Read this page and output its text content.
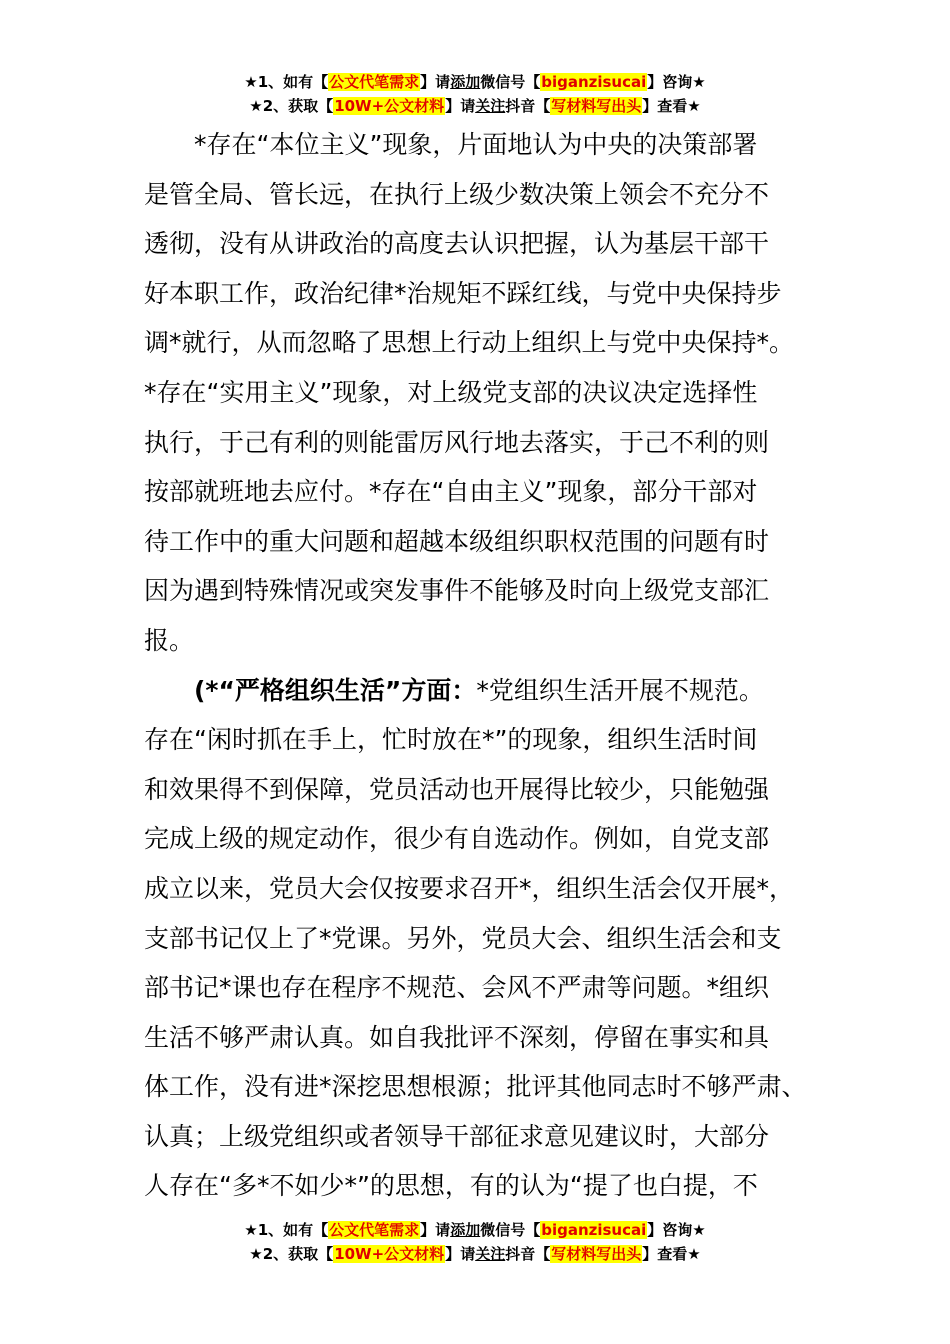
★1、如有【公文代笔需求】请添加微信号【biganzisucai】咨询★
★2、获取【10W+公文材料】请关注抖音【写材料写出头】查看★
　　*存在“本位主义”现象，片面地认为中央的决策部署
是管全局、管长远，在执行上级少数决策上领会不充分不
透彻，没有从讲政治的高度去认识把握，认为基层干部干
好本职工作，政治纪律*治规矩不踩红线，与党中央保持步
调*就行，从而忽略了思想上行动上组织上与党中央保持*。
*存在“实用主义”现象，对上级党支部的决议决定选择性
执行，于己有利的则能雷厉风行地去落实，于己不利的则
按部就班地去应付。*存在“自由主义”现象，部分干部对
待工作中的重大问题和超越本级组织职权范围的问题有时
因为遇到特殊情况或突发事件不能够及时向上级党支部汇
报。
　　(*“严格组织生活”方面：*党组织生活开展不规范。
存在“闲时抓在手上，忙时放在*”的现象，组织生活时间
和效果得不到保障，党员活动也开展得比较少，只能勉强
完成上级的规定动作，很少有自选动作。例如，自党支部
成立以来，党员大会仅按要求召开*，组织生活会仅开展*，
支部书记仅上了*党课。另外，党员大会、组织生活会和支
部书记*课也存在程序不规范、会风不严肃等问题。*组织
生活不够严肃认真。如自我批评不深刻，停留在事实和具
体工作，没有进*深挖思想根源；批评其他同志时不够严肃、
认真；上级党组织或者领导干部征求意见建议时，大部分
人存在“多*不如少*”的思想，有的认为“提了也白提，不
★1、如有【公文代笔需求】请添加微信号【biganzisucai】咨询★
★2、获取【10W+公文材料】请关注抖音【写材料写出头】查看★
